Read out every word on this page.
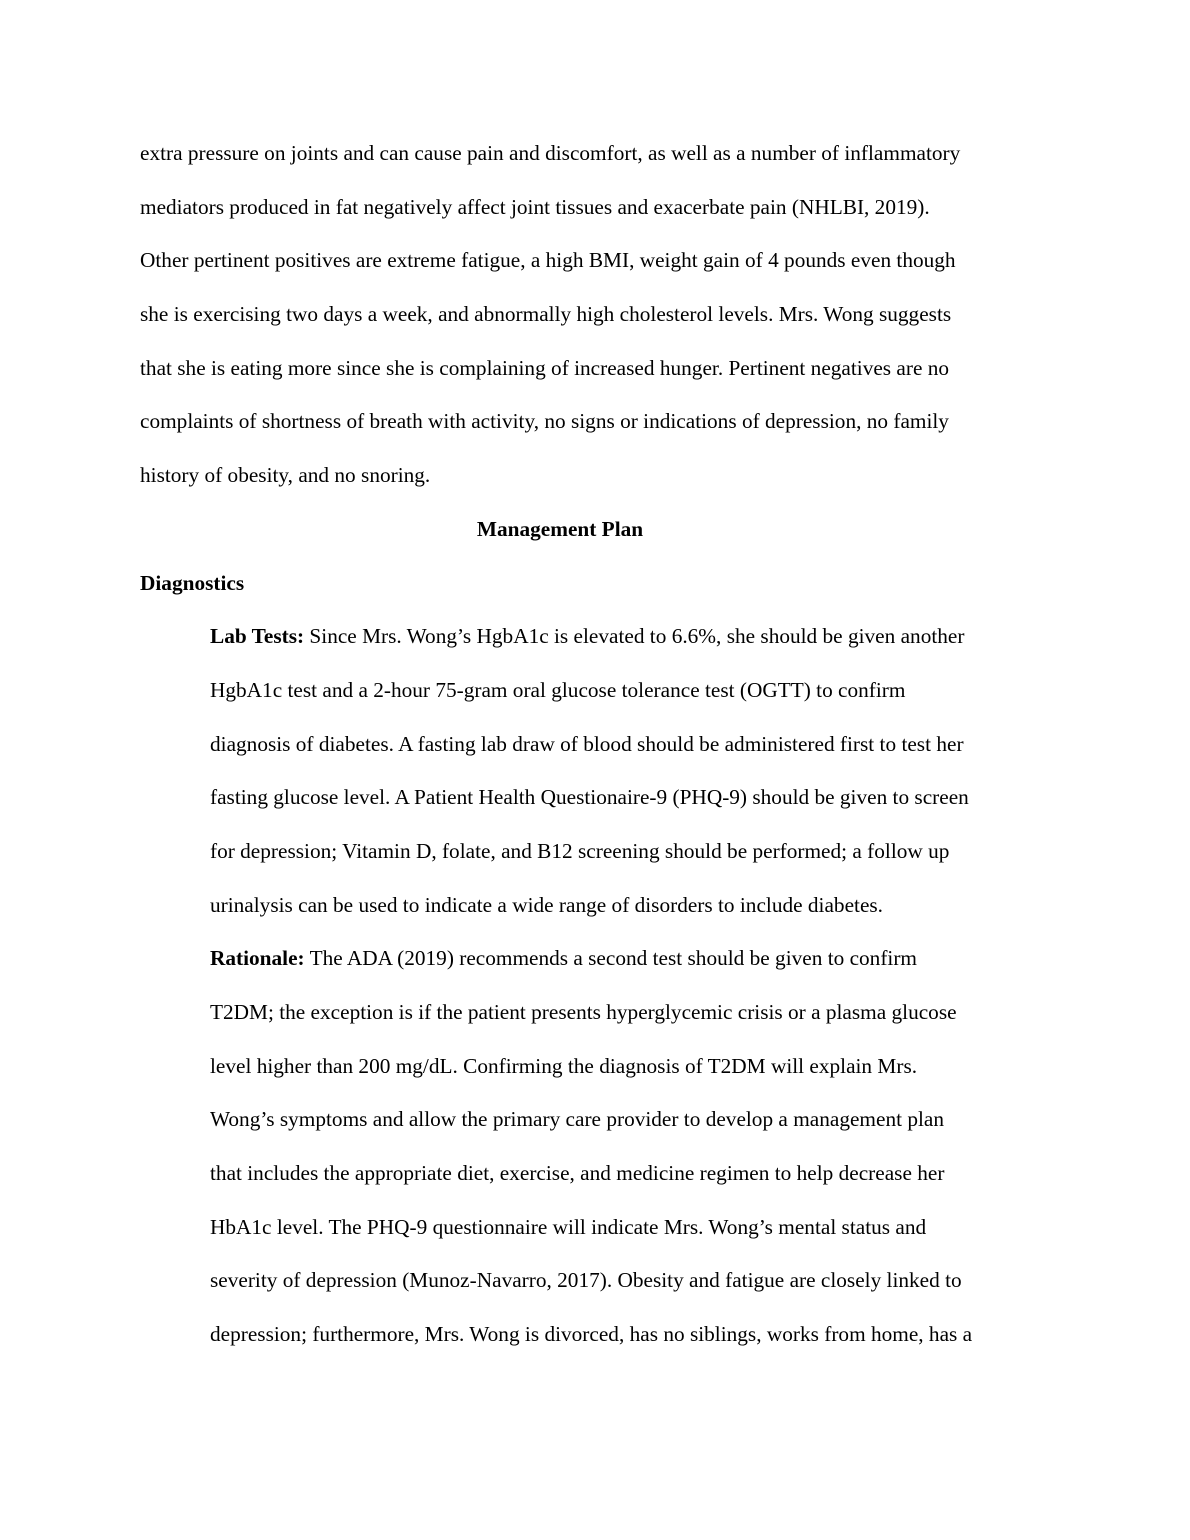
extra pressure on joints and can cause pain and discomfort, as well as a number of inflammatory
mediators produced in fat negatively affect joint tissues and exacerbate pain (NHLBI, 2019).
Other pertinent positives are extreme fatigue, a high BMI, weight gain of 4 pounds even though
she is exercising two days a week, and abnormally high cholesterol levels. Mrs. Wong suggests
that she is eating more since she is complaining of increased hunger. Pertinent negatives are no
complaints of shortness of breath with activity, no signs or indications of depression, no family
history of obesity, and no snoring.
Management Plan
Diagnostics
Lab Tests: Since Mrs. Wong’s HgbA1c is elevated to 6.6%, she should be given another
HgbA1c test and a 2-hour 75-gram oral glucose tolerance test (OGTT) to confirm
diagnosis of diabetes. A fasting lab draw of blood should be administered first to test her
fasting glucose level. A Patient Health Questionaire-9 (PHQ-9) should be given to screen
for depression; Vitamin D, folate, and B12 screening should be performed; a follow up
urinalysis can be used to indicate a wide range of disorders to include diabetes.
Rationale: The ADA (2019) recommends a second test should be given to confirm
T2DM; the exception is if the patient presents hyperglycemic crisis or a plasma glucose
level higher than 200 mg/dL. Confirming the diagnosis of T2DM will explain Mrs.
Wong’s symptoms and allow the primary care provider to develop a management plan
that includes the appropriate diet, exercise, and medicine regimen to help decrease her
HbA1c level. The PHQ-9 questionnaire will indicate Mrs. Wong’s mental status and
severity of depression (Munoz-Navarro, 2017). Obesity and fatigue are closely linked to
depression; furthermore, Mrs. Wong is divorced, has no siblings, works from home, has a
